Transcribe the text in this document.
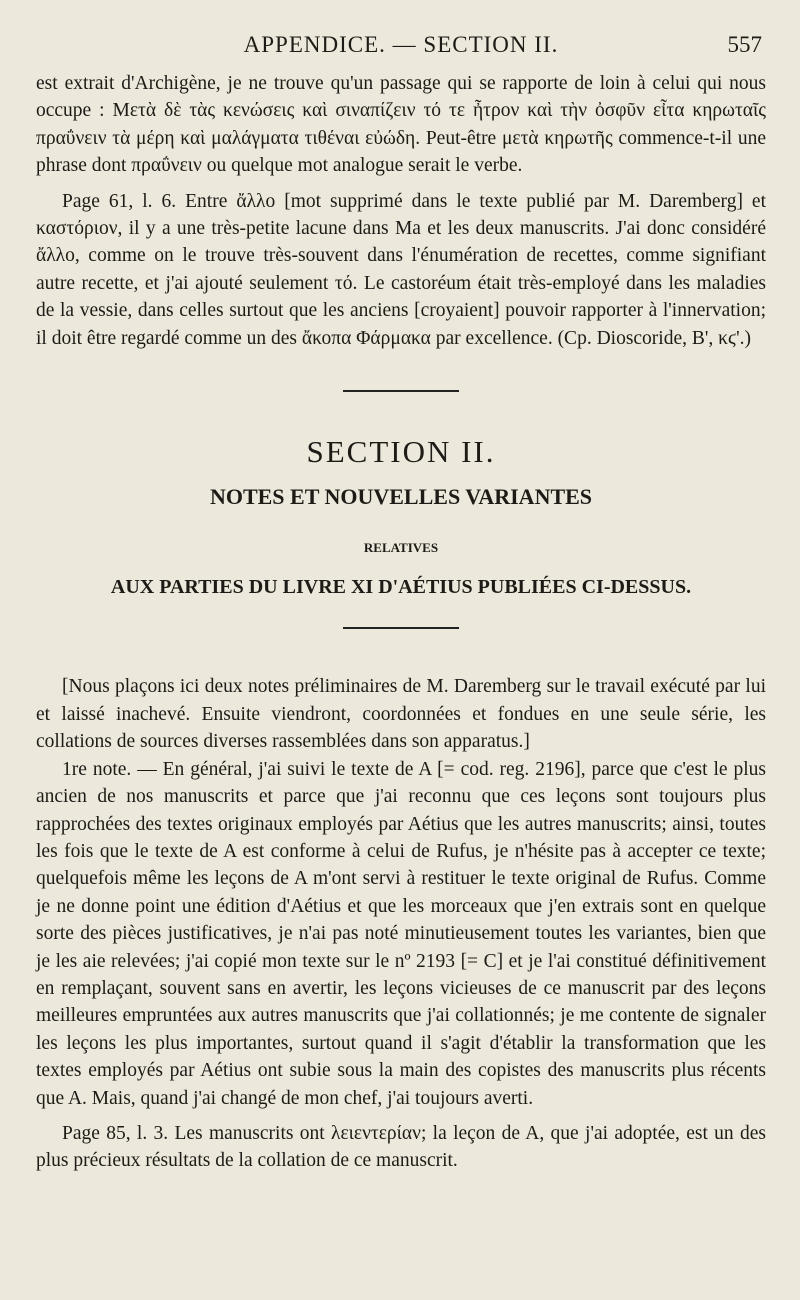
APPENDICE. — SECTION II.	557

est extrait d'Archigène, je ne trouve qu'un passage qui se rapporte de loin à celui qui nous occupe : Μετὰ δὲ τὰς κενώσεις καὶ σιναπίζειν τό τε ἦτρον καὶ τὴν ὀσφῦν εἶτα κηρωταῖς πραΰνειν τὰ μέρη καὶ μαλάγματα τιθέναι εὐώδη. Peut-être μετὰ κηρωτῆς commence-t-il une phrase dont πραΰνειν ou quelque mot analogue serait le verbe.

Page 61, l. 6. Entre ἄλλο [mot supprimé dans le texte publié par M. Daremberg] et καστόριον, il y a une très-petite lacune dans Ma et les deux manuscrits. J'ai donc considéré ἄλλο, comme on le trouve très-souvent dans l'énumération de recettes, comme signifiant autre recette, et j'ai ajouté seulement τό. Le castoréum était très-employé dans les maladies de la vessie, dans celles surtout que les anciens [croyaient] pouvoir rapporter à l'innervation; il doit être regardé comme un des ἄκοπα Φάρμακα par excellence. (Cp. Dioscoride, B', κϛ'.)

SECTION II.
NOTES ET NOUVELLES VARIANTES
RELATIVES
AUX PARTIES DU LIVRE XI D'AÉTIUS PUBLIÉES CI-DESSUS.

[Nous plaçons ici deux notes préliminaires de M. Daremberg sur le travail exécuté par lui et laissé inachevé. Ensuite viendront, coordonnées et fondues en une seule série, les collations de sources diverses rassemblées dans son apparatus.]

1re note. — En général, j'ai suivi le texte de A [= cod. reg. 2196], parce que c'est le plus ancien de nos manuscrits et parce que j'ai reconnu que ces leçons sont toujours plus rapprochées des textes originaux employés par Aétius que les autres manuscrits; ainsi, toutes les fois que le texte de A est conforme à celui de Rufus, je n'hésite pas à accepter ce texte; quelquefois même les leçons de A m'ont servi à restituer le texte original de Rufus. Comme je ne donne point une édition d'Aétius et que les morceaux que j'en extrais sont en quelque sorte des pièces justificatives, je n'ai pas noté minutieusement toutes les variantes, bien que je les aie relevées; j'ai copié mon texte sur le nº 2193 [= C] et je l'ai constitué définitivement en remplaçant, souvent sans en avertir, les leçons vicieuses de ce manuscrit par des leçons meilleures empruntées aux autres manuscrits que j'ai collationnés; je me contente de signaler les leçons les plus importantes, surtout quand il s'agit d'établir la transformation que les textes employés par Aétius ont subie sous la main des copistes des manuscrits plus récents que A. Mais, quand j'ai changé de mon chef, j'ai toujours averti.

Page 85, l. 3. Les manuscrits ont λειεντερίαν; la leçon de A, que j'ai adoptée, est un des plus précieux résultats de la collation de ce manuscrit.
